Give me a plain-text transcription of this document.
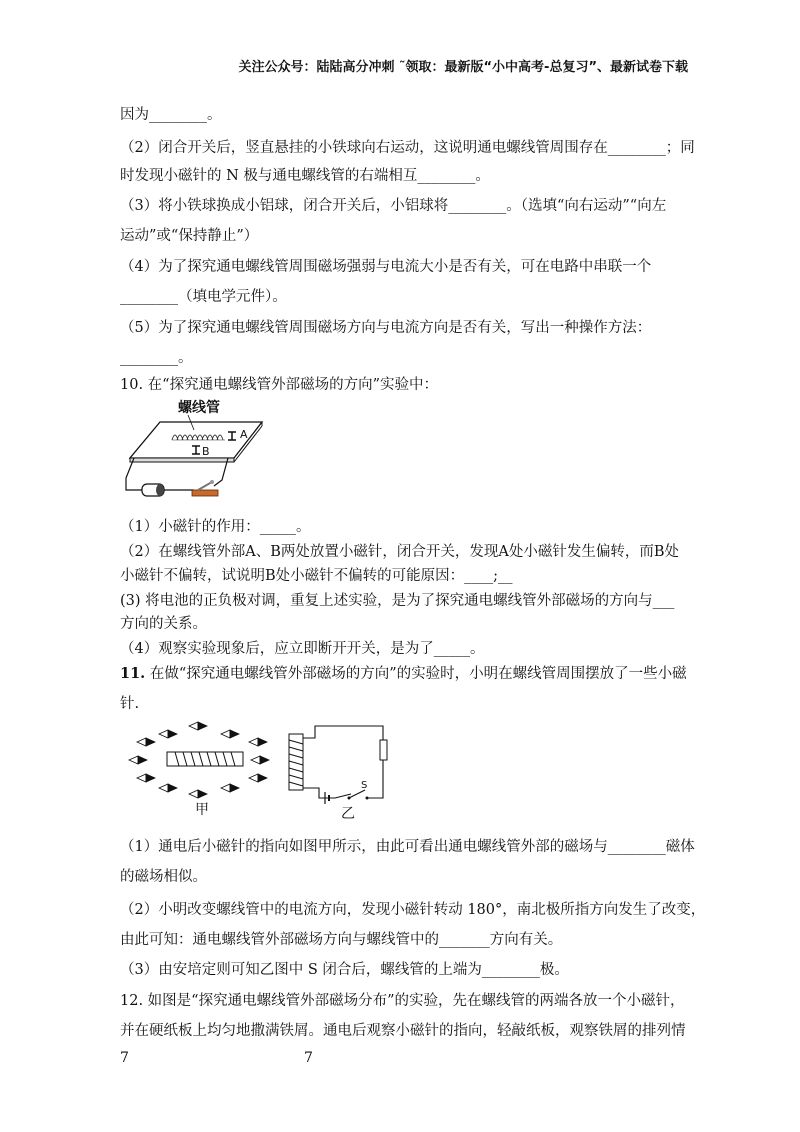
关注公众号：陆陆高分冲刺 ˜领取：最新版“小中高考-总复习”、最新试卷下载
因为________。
（2）闭合开关后，竖直悬挂的小铁球向右运动，这说明通电螺线管周围存在________；同
时发现小磁针的 N 极与通电螺线管的右端相互________。
（3）将小铁球换成小铝球，闭合开关后，小铝球将________。（选填“向右运动”“向左
运动”或“保持静止”）
（4）为了探究通电螺线管周围磁场强弱与电流大小是否有关，可在电路中串联一个
________（填电学元件）。
（5）为了探究通电螺线管周围磁场方向与电流方向是否有关，写出一种操作方法：
________。
10. 在“探究通电螺线管外部磁场的方向”实验中：
螺线管
A
B
（1）小磁针的作用：_____。
（2）在螺线管外部A、B两处放置小磁针，闭合开关，发现A处小磁针发生偏转，而B处
小磁针不偏转，试说明B处小磁针不偏转的可能原因：____;__
(3) 将电池的正负极对调，重复上述实验，是为了探究通电螺线管外部磁场的方向与___
方向的关系。
（4）观察实验现象后，应立即断开开关，是为了_____。
11. 在做“探究通电螺线管外部磁场的方向”的实验时，小明在螺线管周围摆放了一些小磁
针.
甲
S
乙
（1）通电后小磁针的指向如图甲所示，由此可看出通电螺线管外部的磁场与________磁体
的磁场相似。
（2）小明改变螺线管中的电流方向，发现小磁针转动 180°，南北极所指方向发生了改变，
由此可知：通电螺线管外部磁场方向与螺线管中的_______方向有关。
（3）由安培定则可知乙图中 S 闭合后，螺线管的上端为________极。
12. 如图是“探究通电螺线管外部磁场分布”的实验，先在螺线管的两端各放一个小磁针，
并在硬纸板上均匀地撒满铁屑。通电后观察小磁针的指向，轻敲纸板，观察铁屑的排列情
7	7
